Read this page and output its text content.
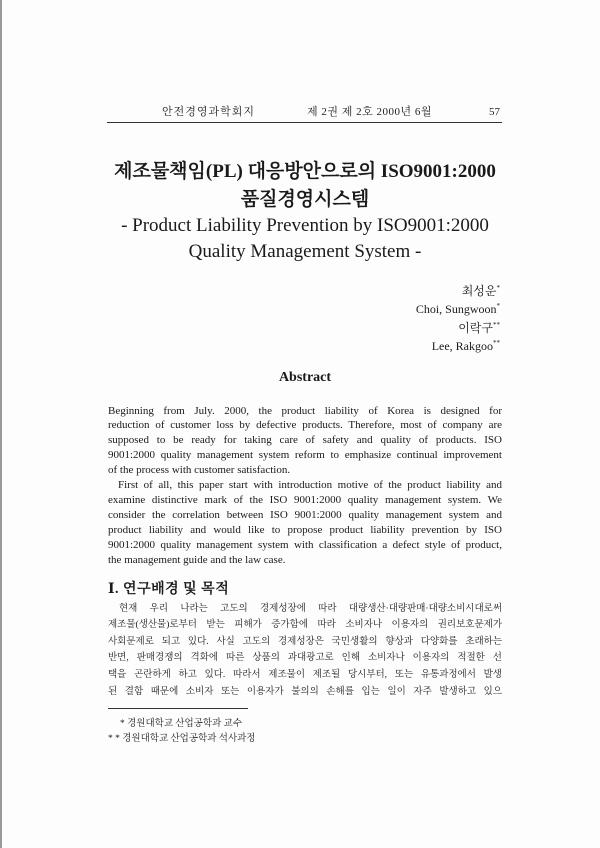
안전경영과학회지	제 2권 제 2호 2000년 6월	57
제조물책임(PL) 대응방안으로의 ISO9001:2000
품질경영시스템
- Product Liability Prevention by ISO9001:2000
Quality Management System -
최성운*
Choi, Sungwoon*
이락구**
Lee, Rakgoo**
Abstract
Beginning from July. 2000, the product liability of Korea is designed for
reduction of customer loss by defective products. Therefore, most of company are
supposed to be ready for taking care of safety and quality of products. ISO
9001:2000 quality management system reform to emphasize continual improvement
of the process with customer satisfaction.
First of all, this paper start with introduction motive of the product liability and
examine distinctive mark of the ISO 9001:2000 quality management system. We
consider the correlation between ISO 9001:2000 quality management system and
product liability and would like to propose product liability prevention by ISO
9001:2000 quality management system with classification a defect style of product,
the management guide and the law case.
Ⅰ. 연구배경 및 목적
현재 우리 나라는 고도의 경제성장에 따라 대량생산·대량판매·대량소비시대로써
제조물(생산물)로부터 받는 피해가 증가함에 따라 소비자나 이용자의 권리보호문제가
사회문제로 되고 있다. 사실 고도의 경제성장은 국민생활의 향상과 다양화를 초래하는
반면, 판매경쟁의 격화에 따른 상품의 과대광고로 인해 소비자나 이용자의 적절한 선
택을 곤란하게 하고 있다. 따라서 제조물이 제조될 당시부터, 또는 유통과정에서 발생
된 결함 때문에 소비자 또는 이용자가 불의의 손해를 입는 일이 자주 발생하고 있으
* 경원대학교 산업공학과 교수
* * 경원대학교 산업공학과 석사과정
